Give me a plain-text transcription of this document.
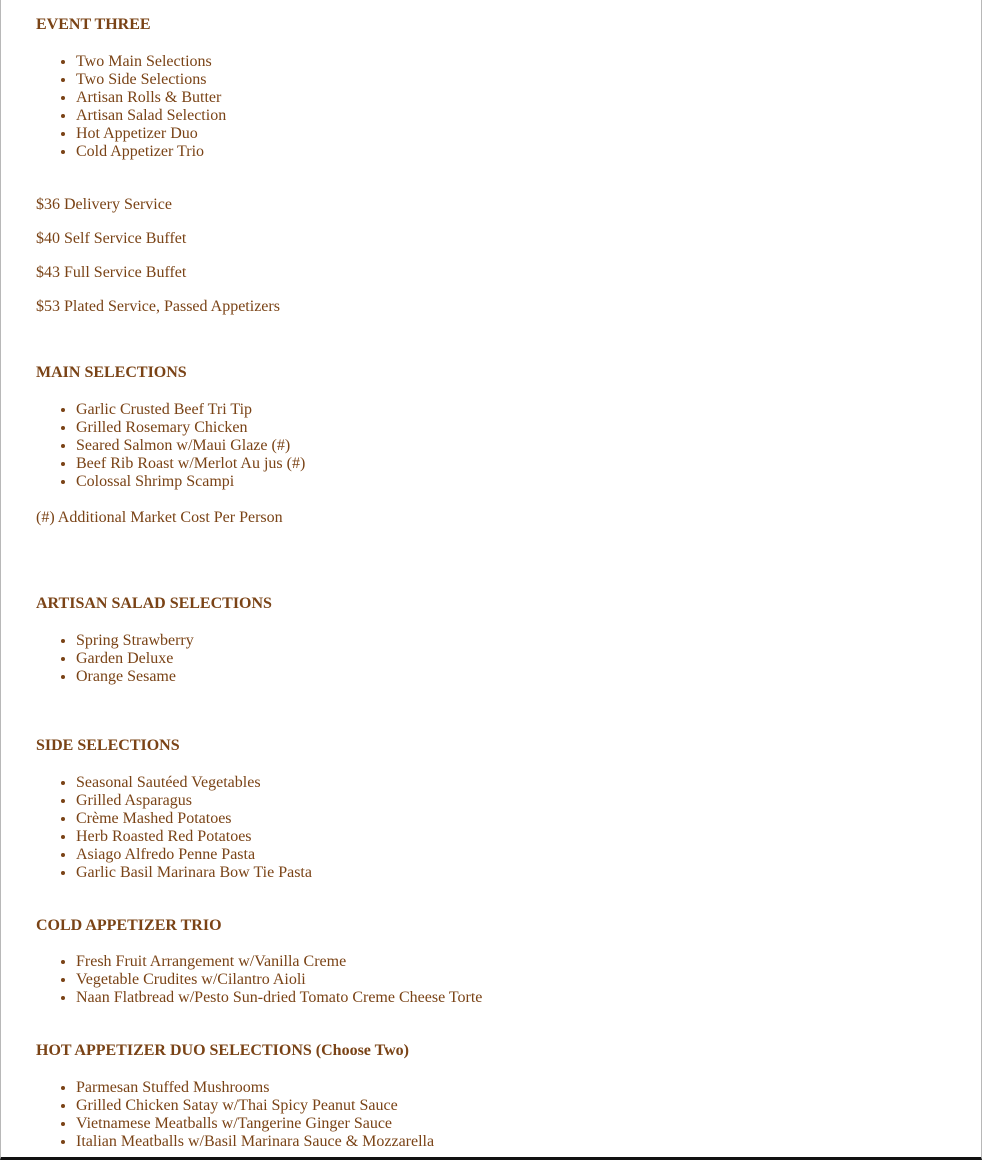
EVENT THREE
• Two Main Selections
• Two Side Selections
• Artisan Rolls & Butter
• Artisan Salad Selection
• Hot Appetizer Duo
• Cold Appetizer Trio

$36 Delivery Service

$40 Self Service Buffet

$43 Full Service Buffet

$53 Plated Service, Passed Appetizers

MAIN SELECTIONS
• Garlic Crusted Beef Tri Tip
• Grilled Rosemary Chicken
• Seared Salmon w/Maui Glaze (#)
• Beef Rib Roast w/Merlot Au jus (#)
• Colossal Shrimp Scampi

(#) Additional Market Cost Per Person

ARTISAN SALAD SELECTIONS
• Spring Strawberry
• Garden Deluxe
• Orange Sesame
SIDE SELECTIONS
• Seasonal Sautéed Vegetables
• Grilled Asparagus
• Crème Mashed Potatoes
• Herb Roasted Red Potatoes
• Asiago Alfredo Penne Pasta
• Garlic Basil Marinara Bow Tie Pasta
COLD APPETIZER TRIO
• Fresh Fruit Arrangement w/Vanilla Creme
• Vegetable Crudites w/Cilantro Aioli
• Naan Flatbread w/Pesto Sun-dried Tomato Creme Cheese Torte
HOT APPETIZER DUO SELECTIONS (Choose Two)
• Parmesan Stuffed Mushrooms
• Grilled Chicken Satay w/Thai Spicy Peanut Sauce
• Vietnamese Meatballs w/Tangerine Ginger Sauce
• Italian Meatballs w/Basil Marinara Sauce & Mozzarella
